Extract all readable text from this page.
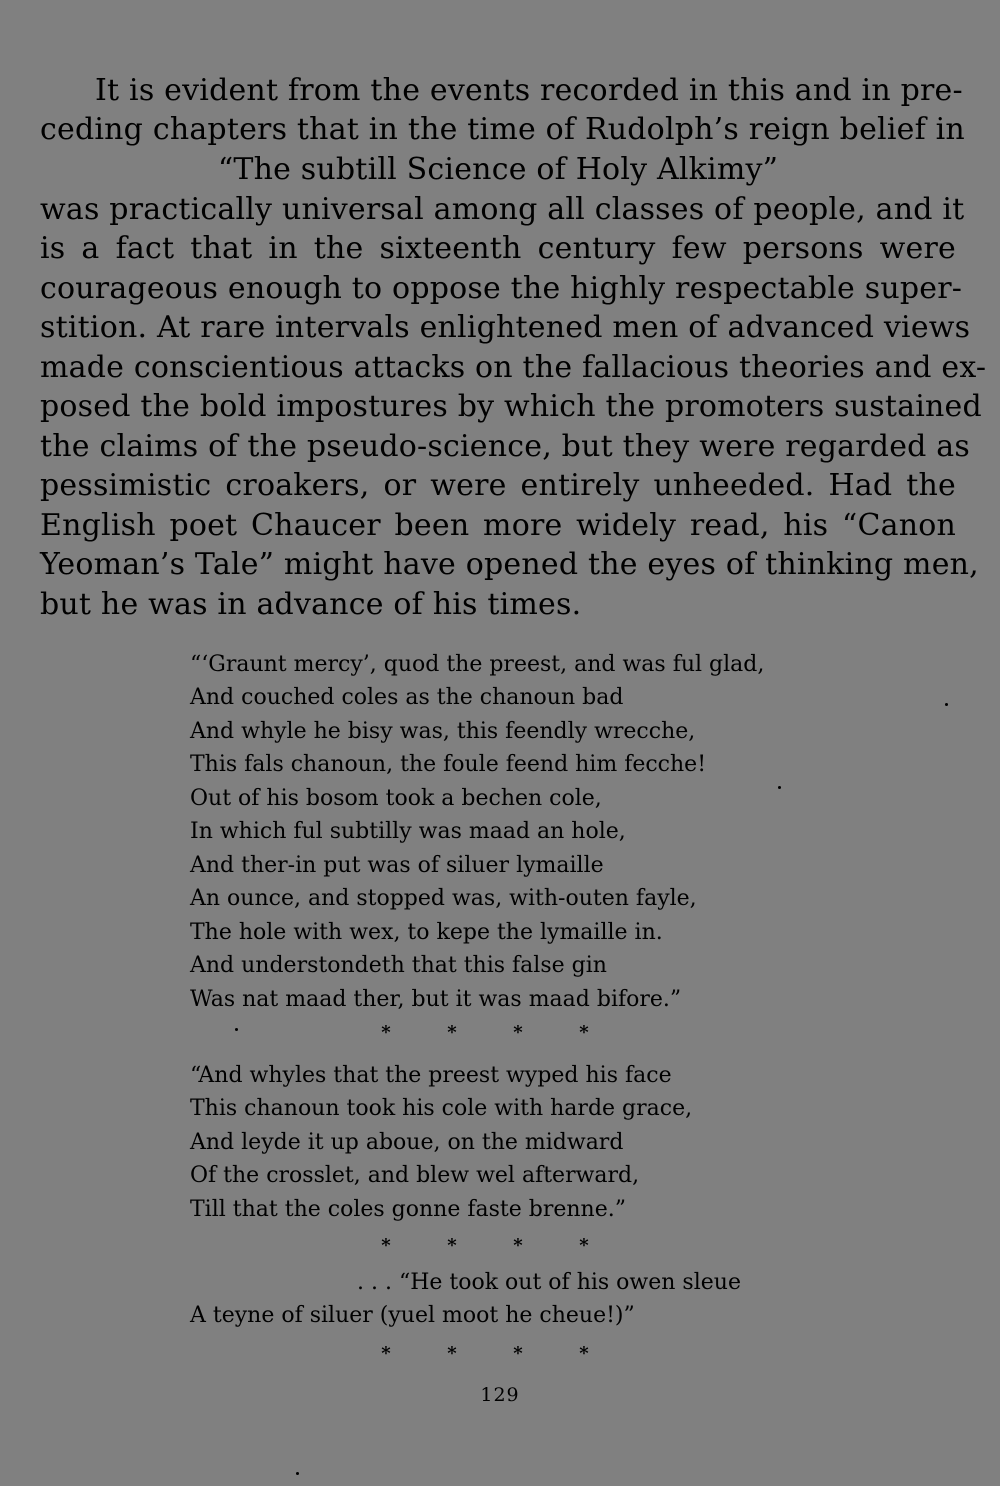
It is evident from the events recorded in this and in pre-
ceding chapters that in the time of Rudolph’s reign belief in
“The subtill Science of Holy Alkimy”
was practically universal among all classes of people, and it
is a fact that in the sixteenth century few persons were
courageous enough to oppose the highly respectable super-
stition. At rare intervals enlightened men of advanced views
made conscientious attacks on the fallacious theories and ex-
posed the bold impostures by which the promoters sustained
the claims of the pseudo-science, but they were regarded as
pessimistic croakers, or were entirely unheeded. Had the
English poet Chaucer been more widely read, his “Canon
Yeoman’s Tale” might have opened the eyes of thinking men,
but he was in advance of his times.
“‘Graunt mercy’, quod the preest, and was ful glad,
And couched coles as the chanoun bad
And whyle he bisy was, this feendly wrecche,
This fals chanoun, the foule feend him fecche!
Out of his bosom took a bechen cole,
In which ful subtilly was maad an hole,
And ther-in put was of siluer lymaille
An ounce, and stopped was, with-outen fayle,
The hole with wex, to kepe the lymaille in.
And understondeth that this false gin
Was nat maad ther, but it was maad bifore.”
*	*	*	*
“And whyles that the preest wyped his face
This chanoun took his cole with harde grace,
And leyde it up aboue, on the midward
Of the crosslet, and blew wel afterward,
Till that the coles gonne faste brenne.”
*	*	*	*
. . . “He took out of his owen sleue
A teyne of siluer (yuel moot he cheue!)”
*	*	*	*
129
